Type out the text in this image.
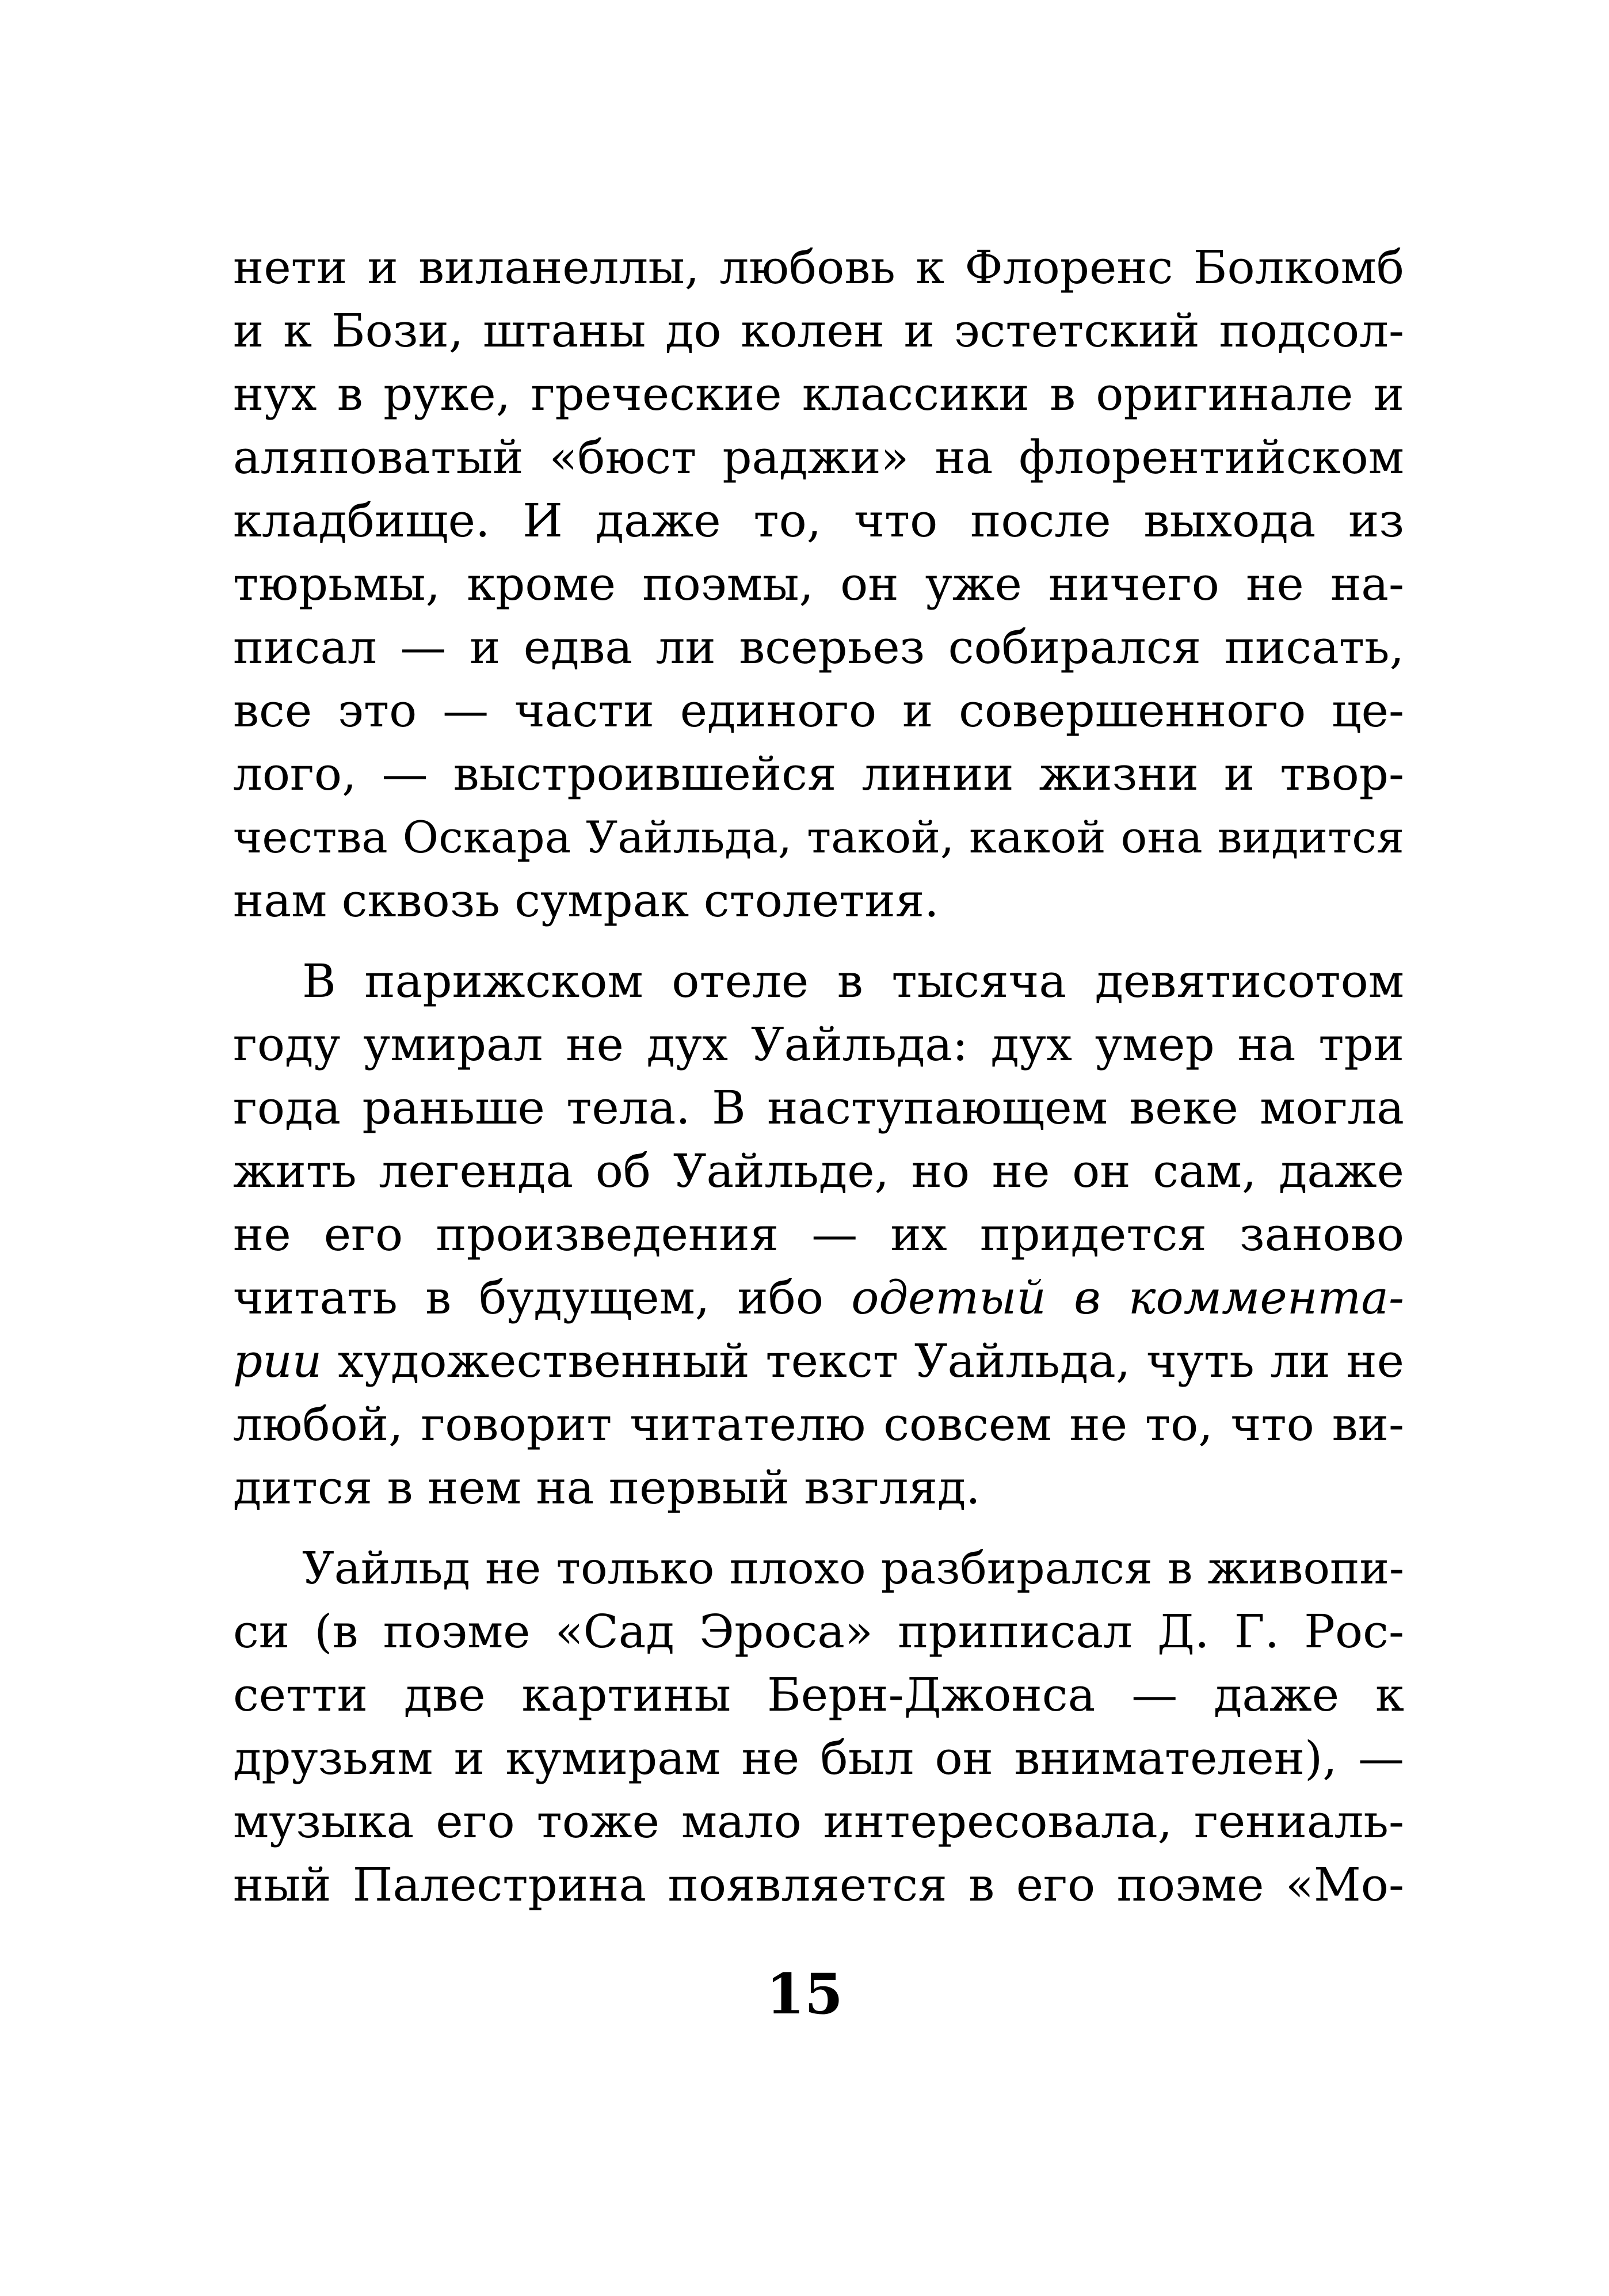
нети и виланеллы, любовь к Флоренс Болкомб
и к Бози, штаны до колен и эстетский подсол-
нух в руке, греческие классики в оригинале и
аляповатый «бюст раджи» на флорентийском
кладбище. И даже то, что после выхода из
тюрьмы, кроме поэмы, он уже ничего не на-
писал — и едва ли всерьез собирался писать,
все это — части единого и совершенного це-
лого, — выстроившейся линии жизни и твор-
чества Оскара Уайльда, такой, какой она видится
нам сквозь сумрак столетия.

В парижском отеле в тысяча девятисотом
году умирал не дух Уайльда: дух умер на три
года раньше тела. В наступающем веке могла
жить легенда об Уайльде, но не он сам, даже
не его произведения — их придется заново
читать в будущем, ибо одетый в коммента-
рии художественный текст Уайльда, чуть ли не
любой, говорит читателю совсем не то, что ви-
дится в нем на первый взгляд.

Уайльд не только плохо разбирался в живопи-
си (в поэме «Сад Эроса» приписал Д. Г. Рос-
сетти две картины Берн-Джонса — даже к
друзьям и кумирам не был он внимателен), —
музыка его тоже мало интересовала, гениаль-
ный Палестрина появляется в его поэме «Мо-

15
